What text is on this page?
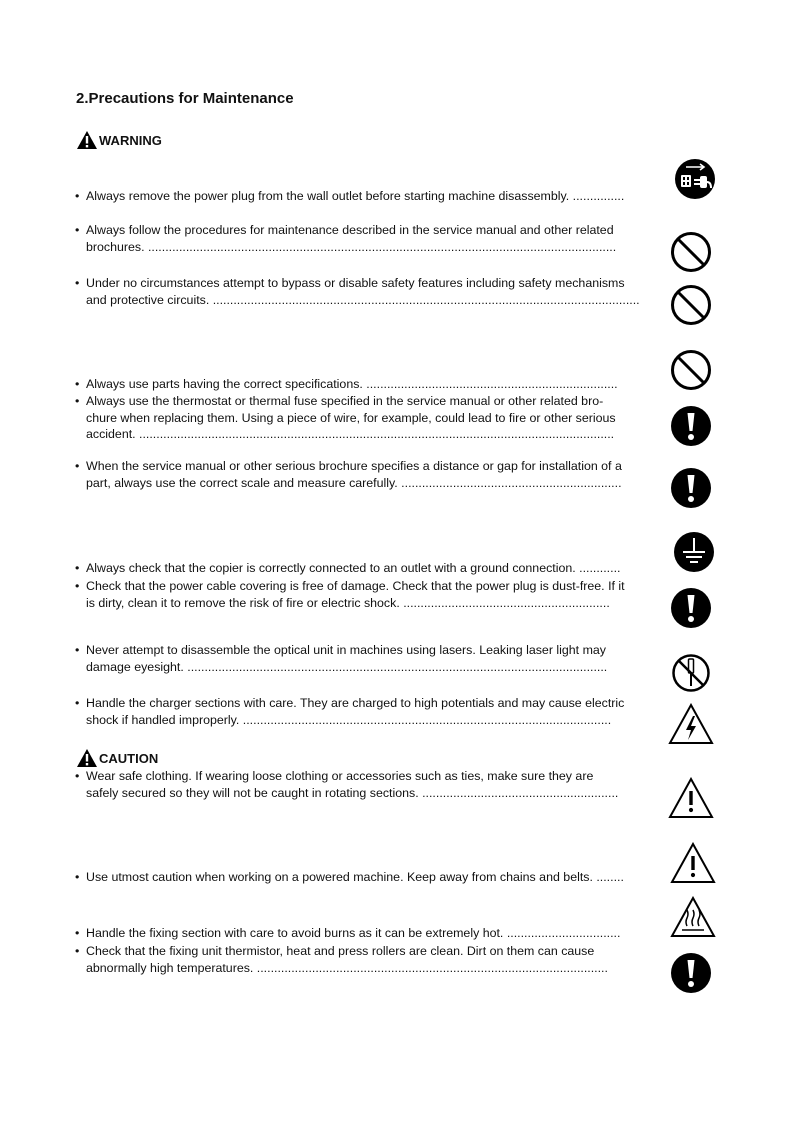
2.Precautions for Maintenance
WARNING
CAUTION
• Always remove the power plug from the wall outlet before starting machine disassembly. ...............
• Always follow the procedures for maintenance described in the service manual and other related
brochures. ........................................................................................................................................
• Under no circumstances attempt to bypass or disable safety features including safety mechanisms
and protective circuits. ............................................................................................................................
• Always use parts having the correct specifications. .........................................................................
• Always use the thermostat or thermal fuse specified in the service manual or other related bro-
chure when replacing them. Using a piece of wire, for example, could lead to fire or other serious
accident. ..........................................................................................................................................
• When the service manual or other serious brochure specifies a distance or gap for installation of a
part, always use the correct scale and measure carefully. ................................................................
• Always check that the copier is correctly connected to an outlet with a ground connection. ............
• Check that the power cable covering is free of damage. Check that the power plug is dust-free. If it
is dirty, clean it to remove the risk of fire or electric shock. ............................................................
• Never attempt to disassemble the optical unit in machines using lasers. Leaking laser light may
damage eyesight. ..........................................................................................................................
• Handle the charger sections with care. They are charged to high potentials and may cause electric
shock if handled improperly. ...........................................................................................................
• Wear safe clothing. If wearing loose clothing or accessories such as ties, make sure they are
safely secured so they will not be caught in rotating sections. .........................................................
• Use utmost caution when working on a powered machine. Keep away from chains and belts. ........
• Handle the fixing section with care to avoid burns as it can be extremely hot. .................................
• Check that the fixing unit thermistor, heat and press rollers are clean. Dirt on them can cause
abnormally high temperatures. ......................................................................................................
